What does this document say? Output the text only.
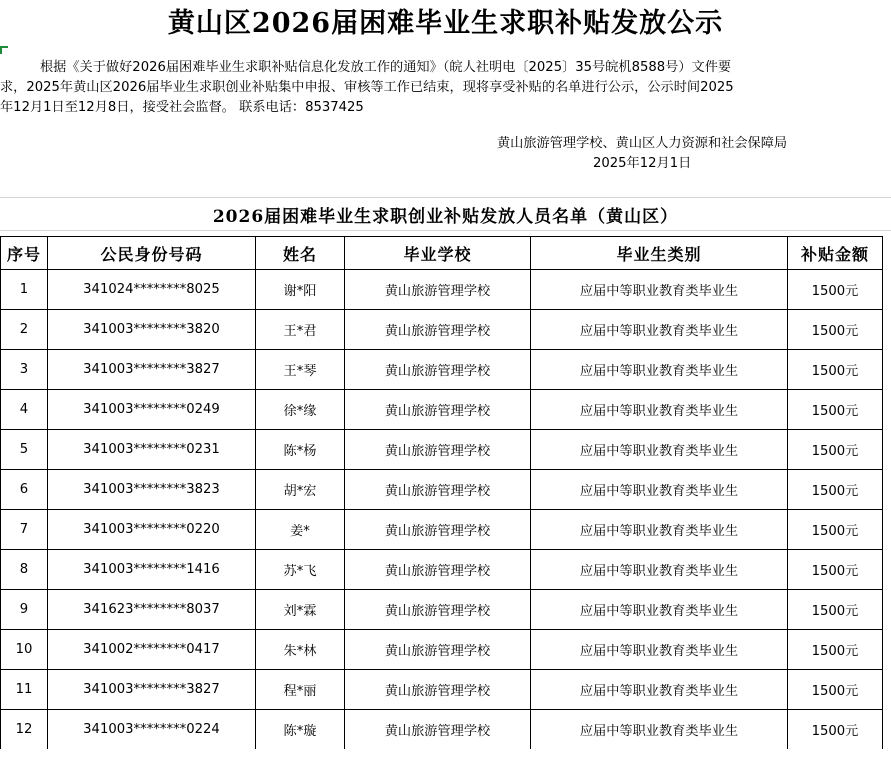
黄山区2026届困难毕业生求职补贴发放公示
根据《关于做好2026届困难毕业生求职补贴信息化发放工作的通知》（皖人社明电〔2025〕35号皖机8588号）文件要
求，2025年黄山区2026届毕业生求职创业补贴集中申报、审核等工作已结束，现将享受补贴的名单进行公示，公示时间2025
年12月1日至12月8日，接受社会监督。 联系电话：8537425
黄山旅游管理学校、黄山区人力资源和社会保障局
2025年12月1日
2026届困难毕业生求职创业补贴发放人员名单（黄山区）
序号	公民身份号码	姓名	毕业学校	毕业生类别	补贴金额
1	341024********8025	谢*阳	黄山旅游管理学校	应届中等职业教育类毕业生	1500元
2	341003********3820	王*君	黄山旅游管理学校	应届中等职业教育类毕业生	1500元
3	341003********3827	王*琴	黄山旅游管理学校	应届中等职业教育类毕业生	1500元
4	341003********0249	徐*缘	黄山旅游管理学校	应届中等职业教育类毕业生	1500元
5	341003********0231	陈*杨	黄山旅游管理学校	应届中等职业教育类毕业生	1500元
6	341003********3823	胡*宏	黄山旅游管理学校	应届中等职业教育类毕业生	1500元
7	341003********0220	姜*	黄山旅游管理学校	应届中等职业教育类毕业生	1500元
8	341003********1416	苏*飞	黄山旅游管理学校	应届中等职业教育类毕业生	1500元
9	341623********8037	刘*霖	黄山旅游管理学校	应届中等职业教育类毕业生	1500元
10	341002********0417	朱*林	黄山旅游管理学校	应届中等职业教育类毕业生	1500元
11	341003********3827	程*丽	黄山旅游管理学校	应届中等职业教育类毕业生	1500元
12	341003********0224	陈*璇	黄山旅游管理学校	应届中等职业教育类毕业生	1500元
